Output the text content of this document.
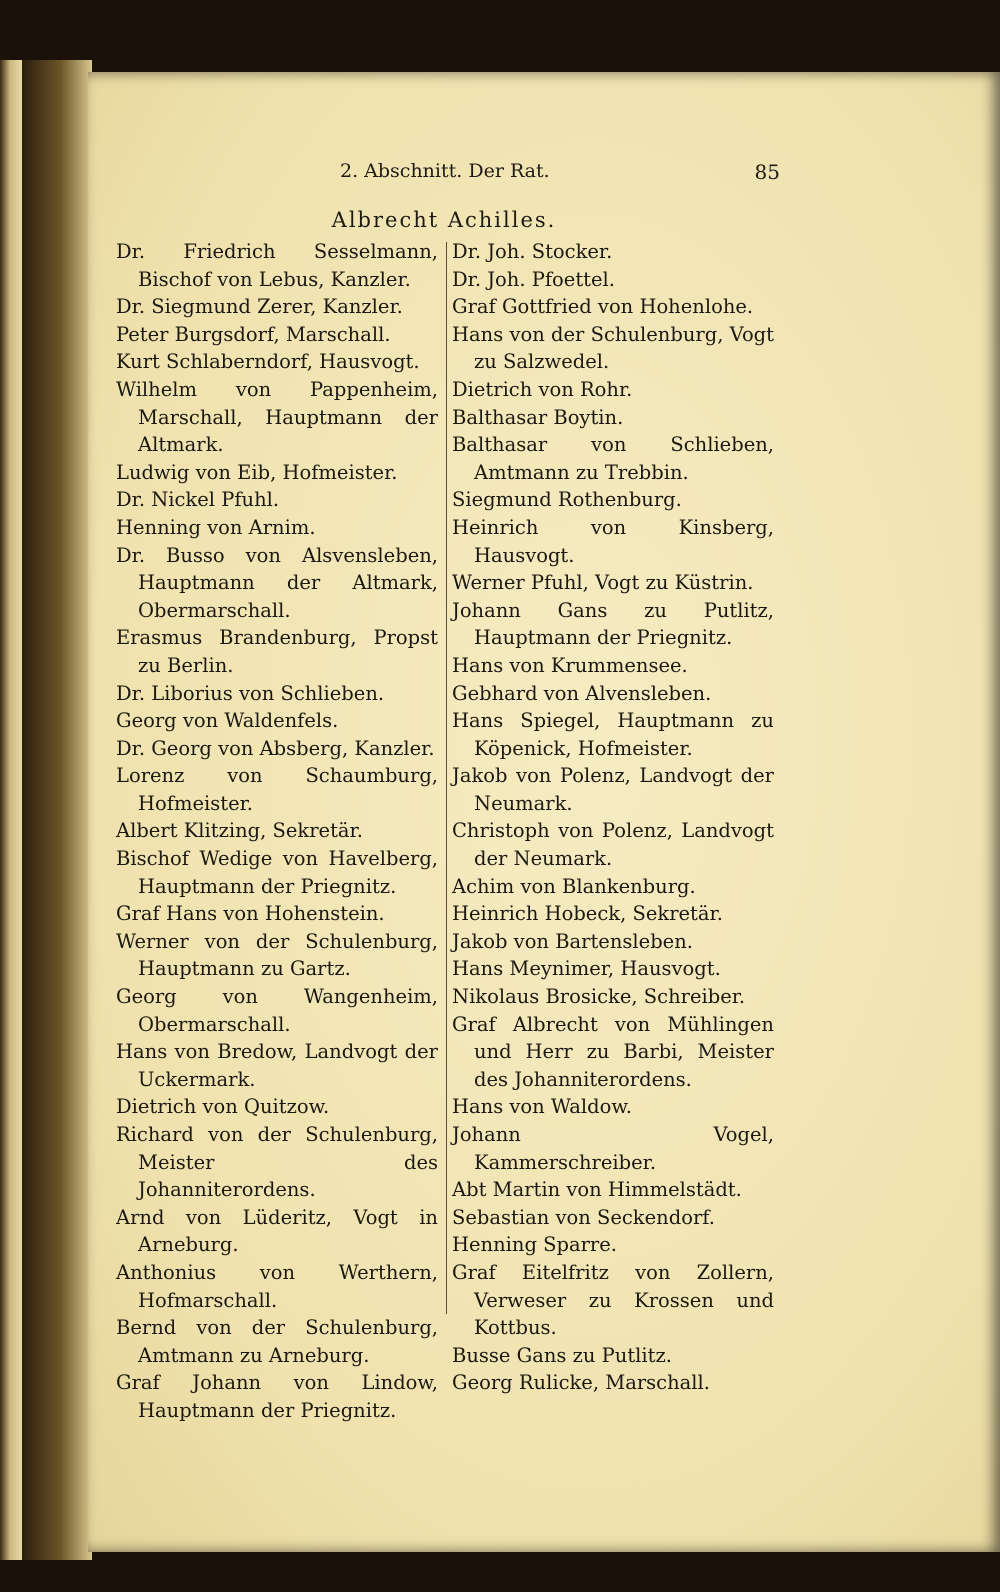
2. Abschnitt. Der Rat.	85
Albrecht Achilles.
Dr. Friedrich Sesselmann, Bischof von Lebus, Kanzler.
Dr. Siegmund Zerer, Kanzler.
Peter Burgsdorf, Marschall.
Kurt Schlaberndorf, Hausvogt.
Wilhelm von Pappenheim, Marschall, Hauptmann der Altmark.
Ludwig von Eib, Hofmeister.
Dr. Nickel Pfuhl.
Henning von Arnim.
Dr. Busso von Alsvensleben, Hauptmann der Altmark, Obermarschall.
Erasmus Brandenburg, Propst zu Berlin.
Dr. Liborius von Schlieben.
Georg von Waldenfels.
Dr. Georg von Absberg, Kanzler.
Lorenz von Schaumburg, Hofmeister.
Albert Klitzing, Sekretär.
Bischof Wedige von Havelberg, Hauptmann der Priegnitz.
Graf Hans von Hohenstein.
Werner von der Schulenburg, Hauptmann zu Gartz.
Georg von Wangenheim, Obermarschall.
Hans von Bredow, Landvogt der Uckermark.
Dietrich von Quitzow.
Richard von der Schulenburg, Meister des Johanniterordens.
Arnd von Lüderitz, Vogt in Arneburg.
Anthonius von Werthern, Hofmarschall.
Bernd von der Schulenburg, Amtmann zu Arneburg.
Graf Johann von Lindow, Hauptmann der Priegnitz.
Dr. Joh. Stocker.
Dr. Joh. Pfoettel.
Graf Gottfried von Hohenlohe.
Hans von der Schulenburg, Vogt zu Salzwedel.
Dietrich von Rohr.
Balthasar Boytin.
Balthasar von Schlieben, Amtmann zu Trebbin.
Siegmund Rothenburg.
Heinrich von Kinsberg, Hausvogt.
Werner Pfuhl, Vogt zu Küstrin.
Johann Gans zu Putlitz, Hauptmann der Priegnitz.
Hans von Krummensee.
Gebhard von Alvensleben.
Hans Spiegel, Hauptmann zu Köpenick, Hofmeister.
Jakob von Polenz, Landvogt der Neumark.
Christoph von Polenz, Landvogt der Neumark.
Achim von Blankenburg.
Heinrich Hobeck, Sekretär.
Jakob von Bartensleben.
Hans Meynimer, Hausvogt.
Nikolaus Brosicke, Schreiber.
Graf Albrecht von Mühlingen und Herr zu Barbi, Meister des Johanniterordens.
Hans von Waldow.
Johann Vogel, Kammerschreiber.
Abt Martin von Himmelstädt.
Sebastian von Seckendorf.
Henning Sparre.
Graf Eitelfritz von Zollern, Verweser zu Krossen und Kottbus.
Busse Gans zu Putlitz.
Georg Rulicke, Marschall.
